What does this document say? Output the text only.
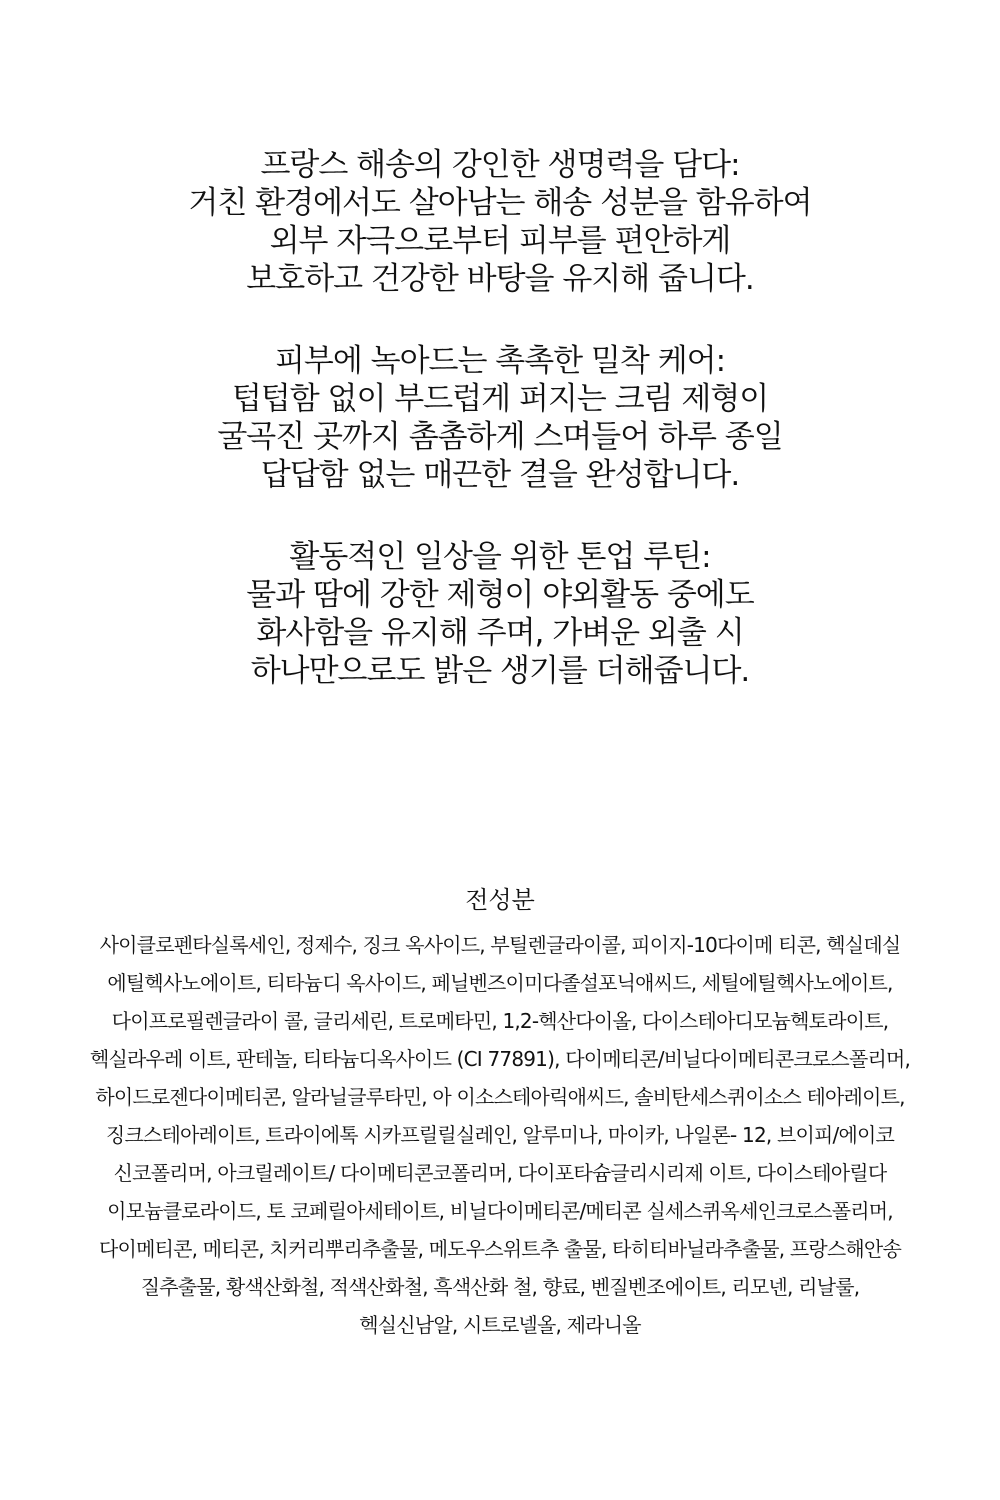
프랑스 해송의 강인한 생명력을 담다:
거친 환경에서도 살아남는 해송 성분을 함유하여
외부 자극으로부터 피부를 편안하게
보호하고 건강한 바탕을 유지해 줍니다.
피부에 녹아드는 촉촉한 밀착 케어:
텁텁함 없이 부드럽게 퍼지는 크림 제형이
굴곡진 곳까지 촘촘하게 스며들어 하루 종일
답답함 없는 매끈한 결을 완성합니다.
활동적인 일상을 위한 톤업 루틴:
물과 땀에 강한 제형이 야외활동 중에도
화사함을 유지해 주며, 가벼운 외출 시
하나만으로도 밝은 생기를 더해줍니다.
전성분
사이클로펜타실록세인, 정제수, 징크 옥사이드, 부틸렌글라이콜, 피이지-10다이메 티콘, 헥실데실
에틸헥사노에이트, 티타늄디 옥사이드, 페닐벤즈이미다졸설포닉애씨드, 세틸에틸헥사노에이트,
다이프로필렌글라이 콜, 글리세린, 트로메타민, 1,2-헥산다이올, 다이스테아디모늄헥토라이트,
헥실라우레 이트, 판테놀, 티타늄디옥사이드 (CI 77891), 다이메티콘/비닐다이메티콘크로스폴리머,
하이드로젠다이메티콘, 알라닐글루타민, 아 이소스테아릭애씨드, 솔비탄세스퀴이소스 테아레이트,
징크스테아레이트, 트라이에톡 시카프릴릴실레인, 알루미나, 마이카, 나일론- 12, 브이피/에이코
신코폴리머, 아크릴레이트/ 다이메티콘코폴리머, 다이포타슘글리시리제 이트, 다이스테아릴다
이모늄클로라이드, 토 코페릴아세테이트, 비닐다이메티콘/메티콘 실세스퀴옥세인크로스폴리머,
다이메티콘, 메티콘, 치커리뿌리추출물, 메도우스위트추 출물, 타히티바닐라추출물, 프랑스해안송
질추출물, 황색산화철, 적색산화철, 흑색산화 철, 향료, 벤질벤조에이트, 리모넨, 리날룰,
헥실신남알, 시트로넬올, 제라니올
